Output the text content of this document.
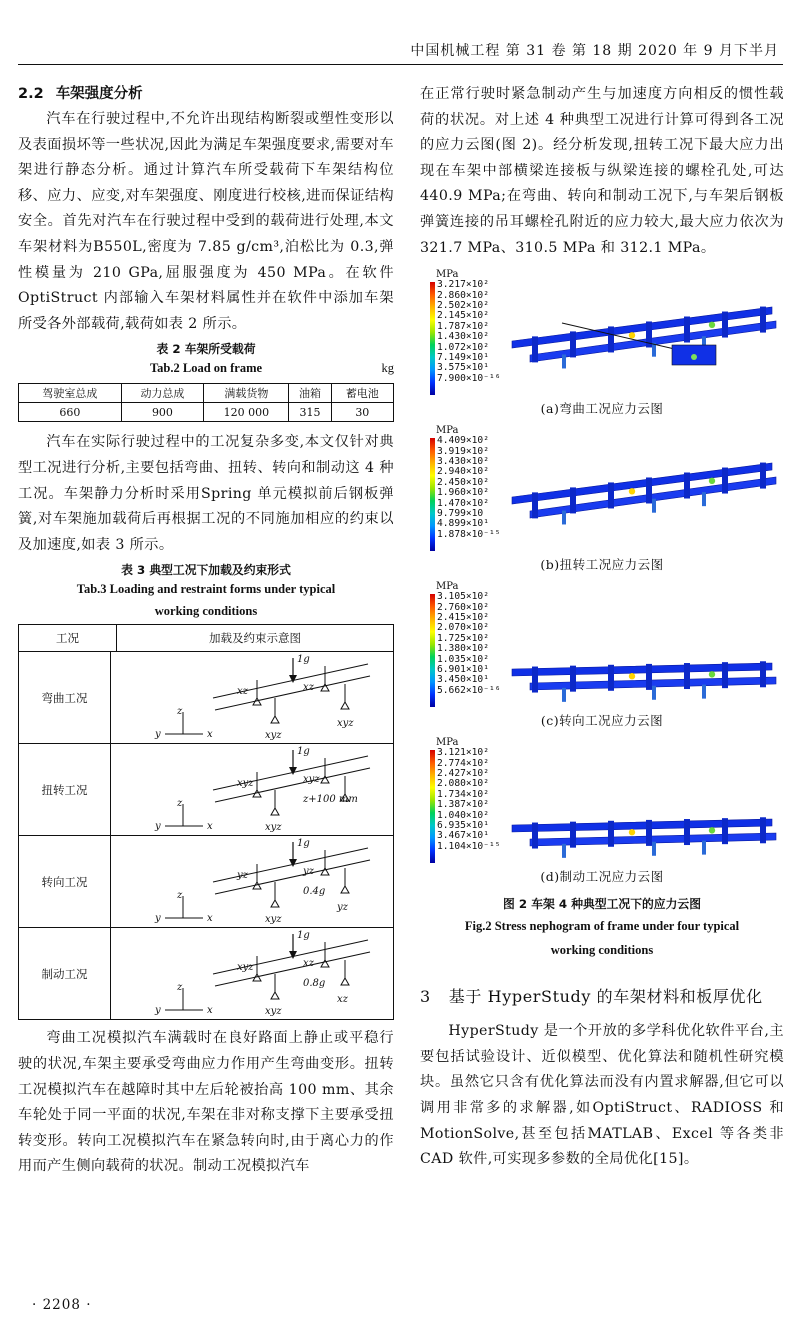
中国机械工程 第 31 卷 第 18 期 2020 年 9 月下半月
2.2 车架强度分析

汽车在行驶过程中,不允许出现结构断裂或塑性变形以及表面损坏等一些状况,因此为满足车架强度要求,需要对车架进行静态分析。通过计算汽车所受载荷下车架结构位移、应力、应变,对车架强度、刚度进行校核,进而保证结构安全。首先对汽车在行驶过程中受到的载荷进行处理,本文车架材料为B550L,密度为 7.85 g/cm³,泊松比为 0.3,弹性模量为 210 GPa,屈服强度为 450 MPa。在软件 OptiStruct 内部输入车架材料属性并在软件中添加车架所受各外部载荷,载荷如表 2 所示。

表 2 车架所受载荷
Tab.2 Load on frame	kg
驾驶室总成	动力总成	满载货物	油箱	蓄电池
660	900	120 000	315	30

汽车在实际行驶过程中的工况复杂多变,本文仅针对典型工况进行分析,主要包括弯曲、扭转、转向和制动这 4 种工况。车架静力分析时采用Spring 单元模拟前后钢板弹簧,对车架施加载荷后再根据工况的不同施加相应的约束以及加速度,如表 3 所示。

表 3 典型工况下加载及约束形式
Tab.3 Loading and restraint forms under typical
working conditions
工况	加载及约束示意图
弯曲工况
1g
xz	xz
xyz
xyz
z
x
y
扭转工况
1g
xyz	xyz
xyz
z+100 mm
z
x
y
转向工况
1g
yz	yz
xyz
yz
0.4g
z
x
y
制动工况
1g
xyz	xz
xyz
xz
0.8g
z
x
y

弯曲工况模拟汽车满载时在良好路面上静止或平稳行驶的状况,车架主要承受弯曲应力作用产生弯曲变形。扭转工况模拟汽车在越障时其中左后轮被抬高 100 mm、其余车轮处于同一平面的状况,车架在非对称支撑下主要承受扭转变形。转向工况模拟汽车在紧急转向时,由于离心力的作用而产生侧向载荷的状况。制动工况模拟汽车

在正常行驶时紧急制动产生与加速度方向相反的惯性载荷的状况。对上述 4 种典型工况进行计算可得到各工况的应力云图(图 2)。经分析发现,扭转工况下最大应力出现在车架中部横梁连接板与纵梁连接的螺栓孔处,可达 440.9 MPa;在弯曲、转向和制动工况下,与车架后钢板弹簧连接的吊耳螺栓孔附近的应力较大,最大应力依次为321.7 MPa、310.5 MPa 和 312.1 MPa。

MPa
3.217×10²
2.860×10²
2.502×10²
2.145×10²
1.787×10²
1.430×10²
1.072×10²
7.149×10¹
3.575×10¹
7.900×10⁻¹⁶
(a)弯曲工况应力云图
MPa
4.409×10²
3.919×10²
3.430×10²
2.940×10²
2.450×10²
1.960×10²
1.470×10²
9.799×10
4.899×10¹
1.878×10⁻¹⁵
(b)扭转工况应力云图
MPa
3.105×10²
2.760×10²
2.415×10²
2.070×10²
1.725×10²
1.380×10²
1.035×10²
6.901×10¹
3.450×10¹
5.662×10⁻¹⁶
(c)转向工况应力云图
MPa
3.121×10²
2.774×10²
2.427×10²
2.080×10²
1.734×10²
1.387×10²
1.040×10²
6.935×10¹
3.467×10¹
1.104×10⁻¹⁵
(d)制动工况应力云图
图 2 车架 4 种典型工况下的应力云图
Fig.2 Stress nephogram of frame under four typical
working conditions
3 基于 HyperStudy 的车架材料和板厚优化

HyperStudy 是一个开放的多学科优化软件平台,主要包括试验设计、近似模型、优化算法和随机性研究模块。虽然它只含有优化算法而没有内置求解器,但它可以调用非常多的求解器,如OptiStruct、RADIOSS 和 MotionSolve,甚至包括MATLAB、Excel 等各类非 CAD 软件,可实现多参数的全局优化[15]。

· 2208 ·
